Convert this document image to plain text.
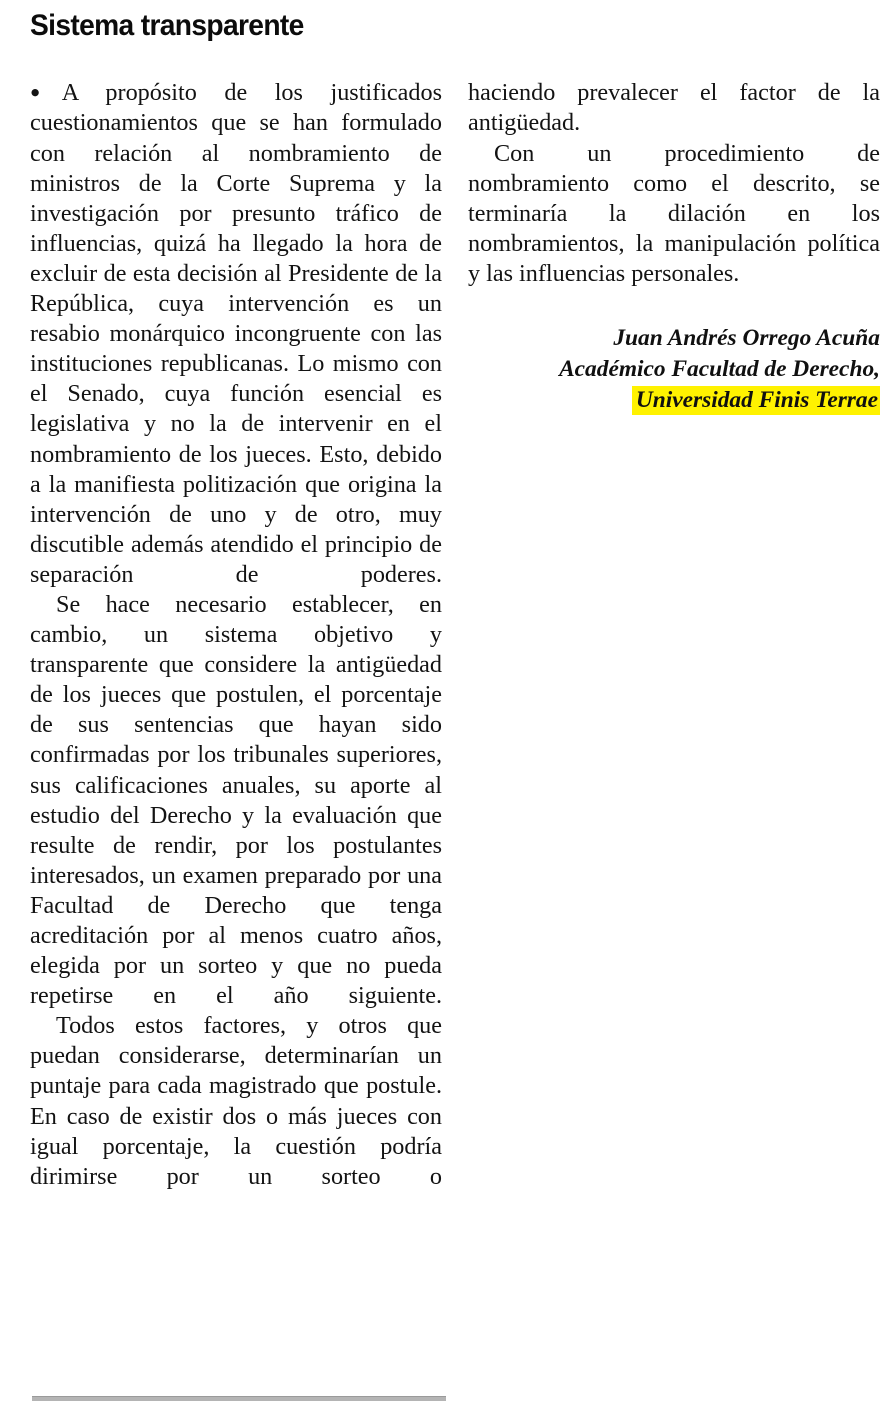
Sistema transparente

●A propósito de los justificados cuestionamientos que se han formulado con relación al nombramiento de ministros de la Corte Suprema y la investigación por presunto tráfico de influencias, quizá ha llegado la hora de excluir de esta decisión al Presidente de la República, cuya intervención es un resabio monárquico incongruente con las instituciones republicanas. Lo mismo con el Senado, cuya función esencial es legislativa y no la de intervenir en el nombramiento de los jueces. Esto, debido a la manifiesta politización que origina la intervención de uno y de otro, muy discutible además atendido el principio de separación de poderes.

Se hace necesario establecer, en cambio, un sistema objetivo y transparente que considere la antigüedad de los jueces que postulen, el porcentaje de sus sentencias que hayan sido confirmadas por los tribunales superiores, sus calificaciones anuales, su aporte al estudio del Derecho y la evaluación que resulte de rendir, por los postulantes interesados, un examen preparado por una Facultad de Derecho que tenga acreditación por al menos cuatro años, elegida por un sorteo y que no pueda repetirse en el año siguiente.

Todos estos factores, y otros que puedan considerarse, determinarían un puntaje para cada magistrado que postule. En caso de existir dos o más jueces con igual porcentaje, la cuestión podría dirimirse por un sorteo o

haciendo prevalecer el factor de la antigüedad.

Con un procedimiento de nombramiento como el descrito, se terminaría la dilación en los nombramientos, la manipulación política y las influencias personales.

Juan Andrés Orrego Acuña
Académico Facultad de Derecho,
Universidad Finis Terrae
